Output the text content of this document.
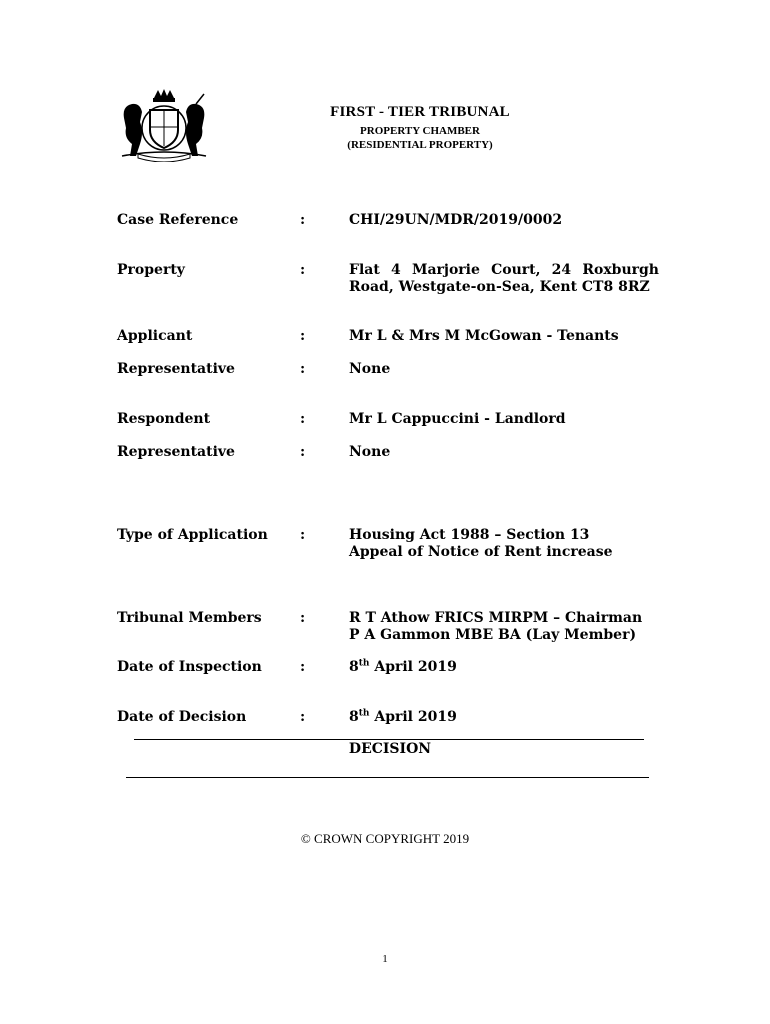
FIRST - TIER TRIBUNAL
PROPERTY CHAMBER
(RESIDENTIAL PROPERTY)
Case Reference	:	CHI/29UN/MDR/2019/0002
Property	:	Flat 4 Marjorie Court, 24 Roxburgh
Road, Westgate-on-Sea, Kent CT8 8RZ
Applicant	:	Mr L & Mrs M McGowan - Tenants
Representative	:	None
Respondent	:	Mr L Cappuccini - Landlord
Representative	:	None
Type of Application :	Housing Act 1988 – Section 13
Appeal of Notice of Rent increase
Tribunal Members	:	R T Athow FRICS MIRPM – Chairman
P A Gammon MBE BA (Lay Member)
Date of Inspection	:	8th April 2019
Date of Decision	:	8th April 2019
DECISION
© CROWN COPYRIGHT 2019
1
